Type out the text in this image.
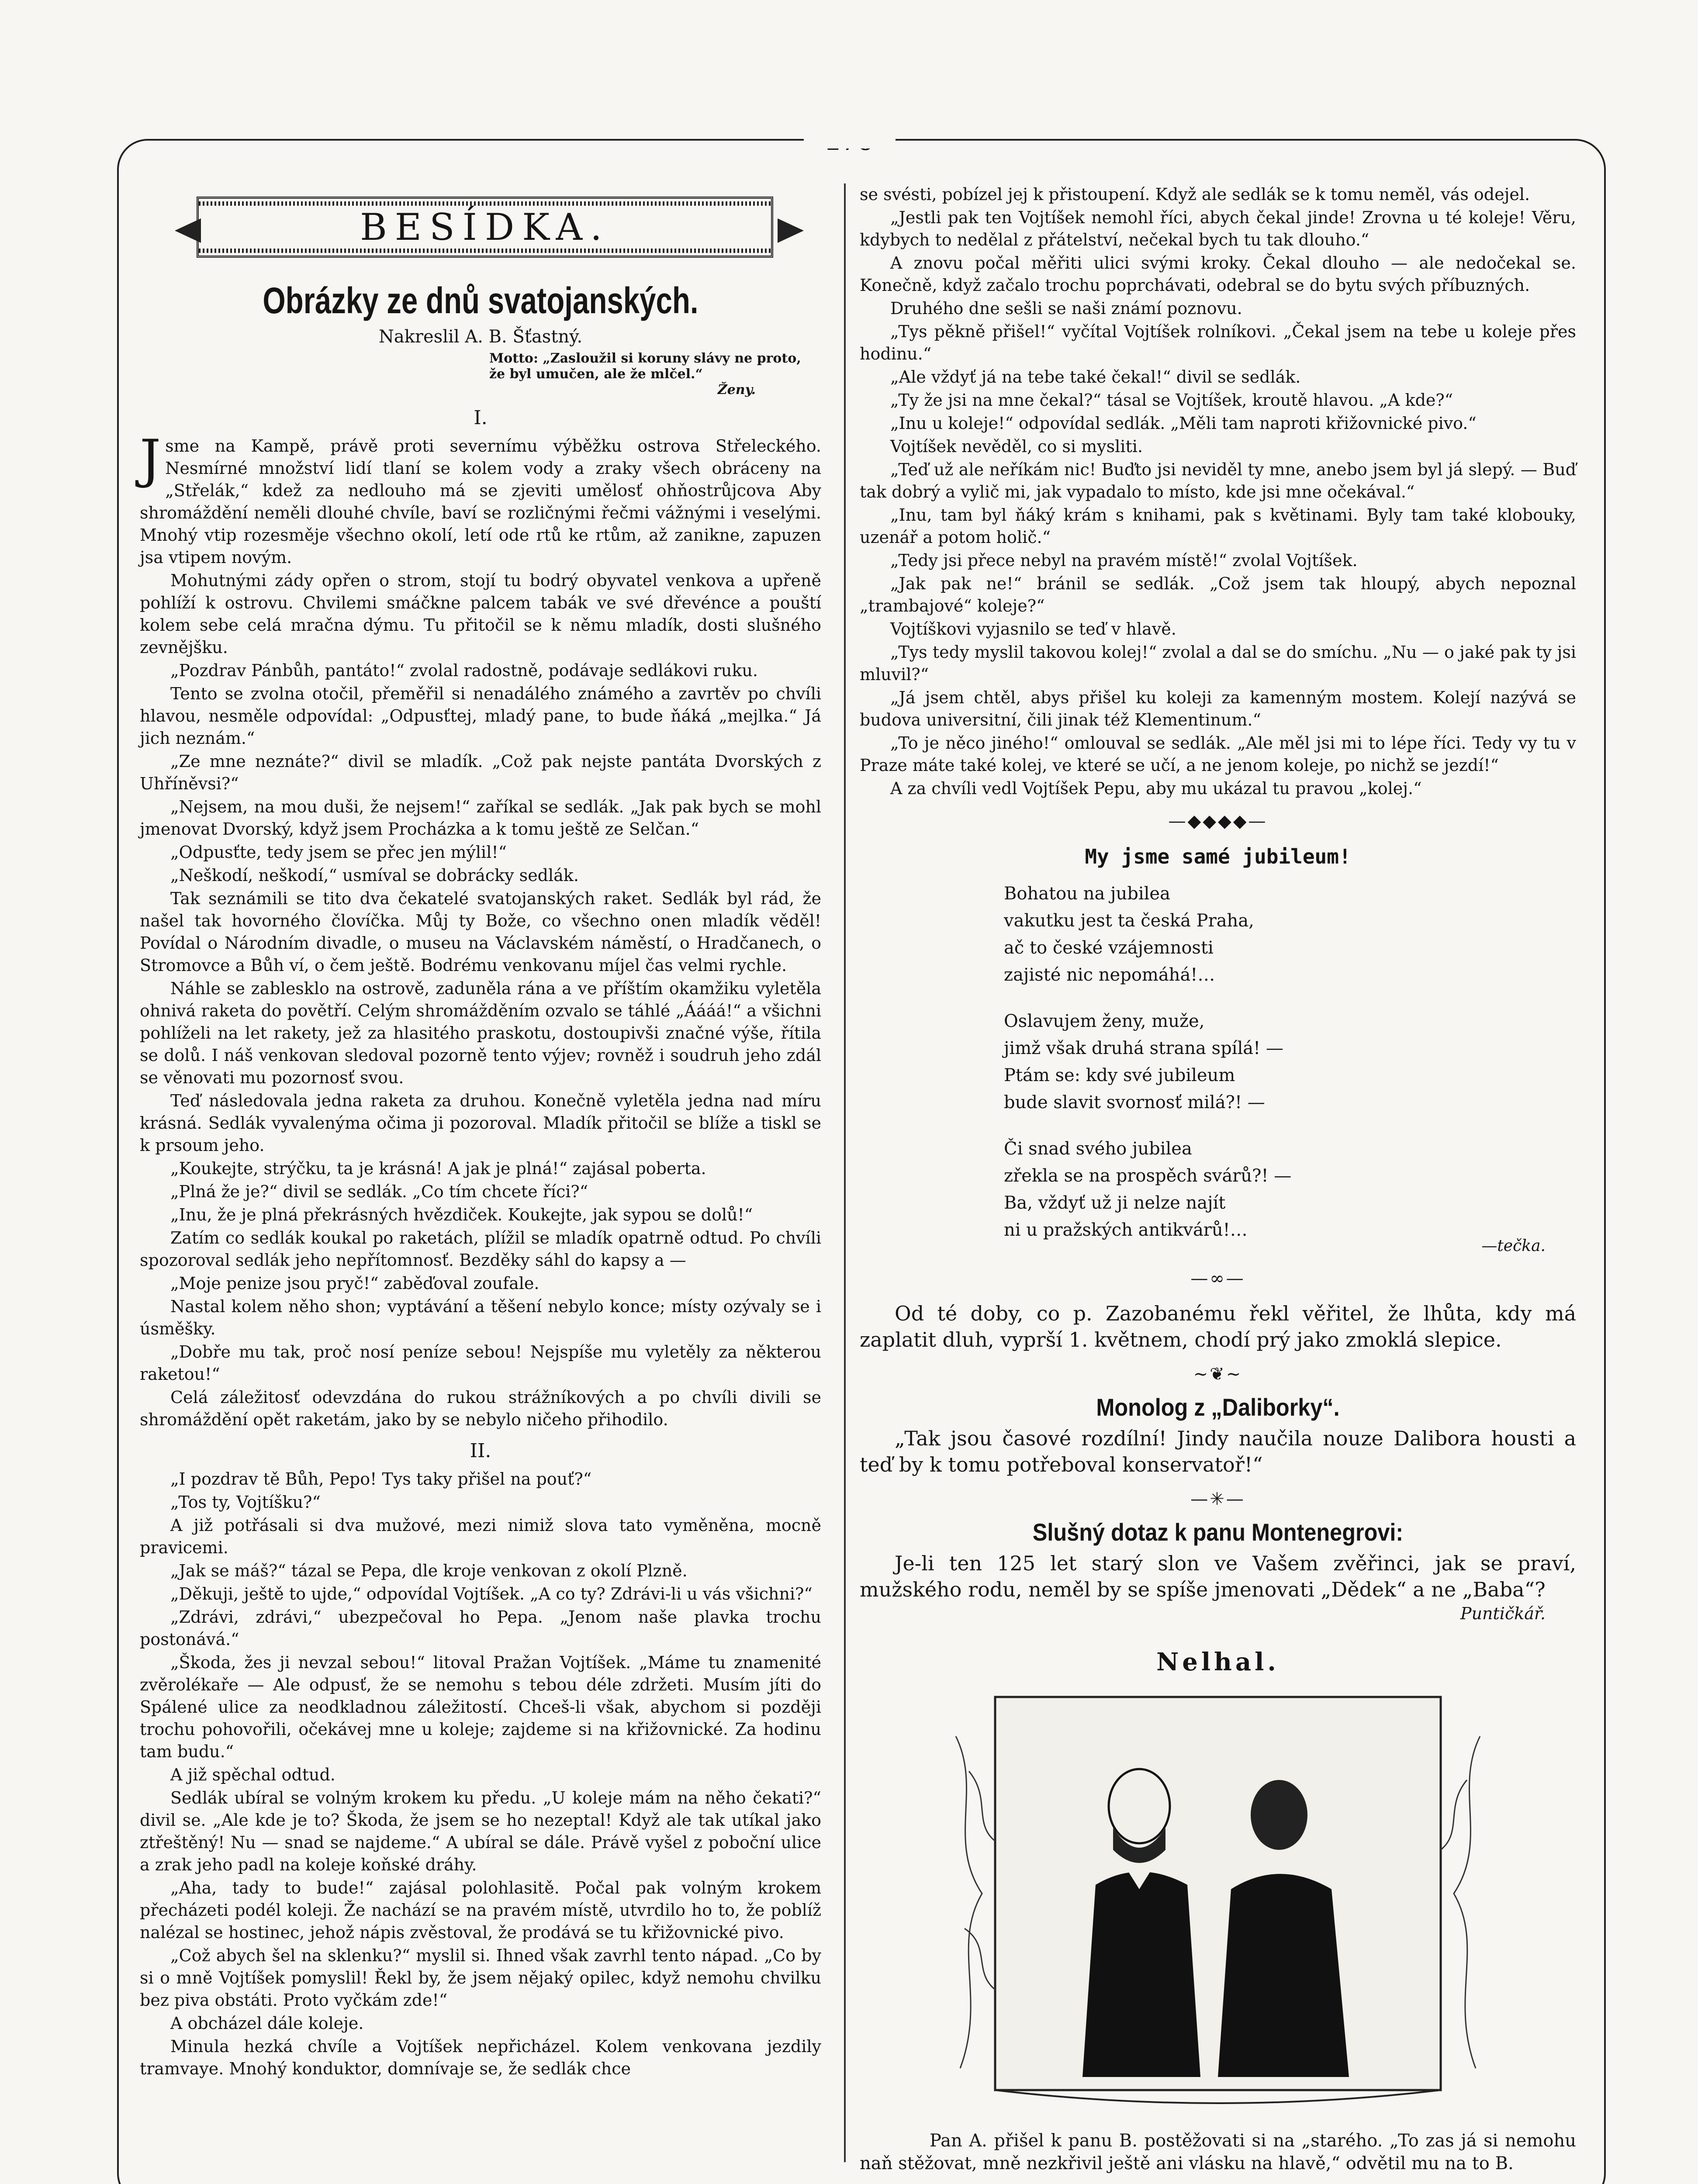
BESÍDKA.
Obrázky ze dnů svatojanských.
Nakreslil A. B. Šťastný.
Motto: „Zasloužil si koruny slávy ne proto, že byl umučen, ale že mlčel.“
Ženy.
I.

Jsme na Kampě, právě proti severnímu výběžku ostrova Střeleckého. Nesmírné množství lidí tlaní se kolem vody a zraky všech obráceny na „Střelák,“ kdež za nedlouho má se zjeviti umělosť ohňostrůjcova Aby shromáždění neměli dlouhé chvíle, baví se rozličnými řečmi vážnými i veselými. Mnohý vtip rozesměje všechno okolí, letí ode rtů ke rtům, až zanikne, zapuzen jsa vtipem novým.

Mohutnými zády opřen o strom, stojí tu bodrý obyvatel venkova a upřeně pohlíží k ostrovu. Chvilemi smáčkne palcem tabák ve své dřevénce a pouští kolem sebe celá mračna dýmu. Tu přitočil se k němu mladík, dosti slušného zevnějšku.

„Pozdrav Pánbůh, pantáto!“ zvolal radostně, podávaje sedlákovi ruku.

Tento se zvolna otočil, přeměřil si nenadálého známého a zavrtěv po chvíli hlavou, nesměle odpovídal: „Odpusťtej, mladý pane, to bude ňáká „mejlka.“ Já jich neznám.“

„Ze mne neznáte?“ divil se mladík. „Což pak nejste pantáta Dvorských z Uhříněvsi?“

„Nejsem, na mou duši, že nejsem!“ zaříkal se sedlák. „Jak pak bych se mohl jmenovat Dvorský, když jsem Procházka a k tomu ještě ze Selčan.“

„Odpusťte, tedy jsem se přec jen mýlil!“

„Neškodí, neškodí,“ usmíval se dobrácky sedlák.

Tak seznámili se tito dva čekatelé svatojanských raket. Sedlák byl rád, že našel tak hovorného človíčka. Můj ty Bože, co všechno onen mladík věděl! Povídal o Národním divadle, o museu na Václavském náměstí, o Hradčanech, o Stromovce a Bůh ví, o čem ještě. Bodrému venkovanu míjel čas velmi rychle.

Náhle se zablesklo na ostrově, zaduněla rána a ve příštím okamžiku vyletěla ohnivá raketa do povětří. Celým shromážděním ozvalo se táhlé „Áááá!“ a všichni pohlíželi na let rakety, jež za hlasitého praskotu, dostoupivši značné výše, řítila se dolů. I náš venkovan sledoval pozorně tento výjev; rovněž i soudruh jeho zdál se věnovati mu pozornosť svou.

Teď následovala jedna raketa za druhou. Konečně vyletěla jedna nad míru krásná. Sedlák vyvalenýma očima ji pozoroval. Mladík přitočil se blíže a tiskl se k prsoum jeho.

„Koukejte, strýčku, ta je krásná! A jak je plná!“ zajásal poberta.

„Plná že je?“ divil se sedlák. „Co tím chcete říci?“

„Inu, že je plná překrásných hvězdiček. Koukejte, jak sypou se dolů!“

Zatím co sedlák koukal po raketách, plížil se mladík opatrně odtud. Po chvíli spozoroval sedlák jeho nepřítomnosť. Bezděky sáhl do kapsy a —

„Moje penize jsou pryč!“ zaběďoval zoufale.

Nastal kolem něho shon; vyptávání a těšení nebylo konce; místy ozývaly se i úsměšky.

„Dobře mu tak, proč nosí peníze sebou! Nejspíše mu vyletěly za některou raketou!“

Celá záležitosť odevzdána do rukou strážníkových a po chvíli divili se shromáždění opět raketám, jako by se nebylo ničeho přihodilo.

II.

„I pozdrav tě Bůh, Pepo! Tys taky přišel na pouť?“

„Tos ty, Vojtíšku?“

A již potřásali si dva mužové, mezi nimiž slova tato vyměněna, mocně pravicemi.

„Jak se máš?“ tázal se Pepa, dle kroje venkovan z okolí Plzně.

„Děkuji, ještě to ujde,“ odpovídal Vojtíšek. „A co ty? Zdrávi-li u vás všichni?“

„Zdrávi, zdrávi,“ ubezpečoval ho Pepa. „Jenom naše plavka trochu postonává.“

„Škoda, žes ji nevzal sebou!“ litoval Pražan Vojtíšek. „Máme tu znamenité zvěrolékaře — Ale odpusť, že se nemohu s tebou déle zdržeti. Musím jíti do Spálené ulice za neodkladnou záležitostí. Chceš-li však, abychom si později trochu pohovořili, očekávej mne u koleje; zajdeme si na křižovnické. Za hodinu tam budu.“

A již spěchal odtud.

Sedlák ubíral se volným krokem ku předu. „U koleje mám na něho čekati?“ divil se. „Ale kde je to? Škoda, že jsem se ho nezeptal! Když ale tak utíkal jako ztřeštěný! Nu — snad se najdeme.“ A ubíral se dále. Právě vyšel z poboční ulice a zrak jeho padl na koleje koňské dráhy.

„Aha, tady to bude!“ zajásal polohlasitě. Počal pak volným krokem přecházeti podél koleji. Že nachází se na pravém místě, utvrdilo ho to, že poblíž nalézal se hostinec, jehož nápis zvěstoval, že prodává se tu křižovnické pivo.

„Což abych šel na sklenku?“ myslil si. Ihned však zavrhl tento nápad. „Co by si o mně Vojtíšek pomyslil! Řekl by, že jsem nějaký opilec, když nemohu chvilku bez piva obstáti. Proto vyčkám zde!“

A obcházel dále koleje.

Minula hezká chvíle a Vojtíšek nepřicházel. Kolem venkovana jezdily tramvaye. Mnohý konduktor, domnívaje se, že sedlák chce

se svésti, pobízel jej k přistoupení. Když ale sedlák se k tomu neměl, vás odejel.

„Jestli pak ten Vojtíšek nemohl říci, abych čekal jinde! Zrovna u té koleje! Věru, kdybych to nedělal z přátelství, nečekal bych tu tak dlouho.“

A znovu počal měřiti ulici svými kroky. Čekal dlouho — ale nedočekal se. Konečně, když začalo trochu poprchávati, odebral se do bytu svých příbuzných.

Druhého dne sešli se naši známí poznovu.

„Tys pěkně přišel!“ vyčítal Vojtíšek rolníkovi. „Čekal jsem na tebe u koleje přes hodinu.“

„Ale vždyť já na tebe také čekal!“ divil se sedlák.

„Ty že jsi na mne čekal?“ tásal se Vojtíšek, kroutě hlavou. „A kde?“

„Inu u koleje!“ odpovídal sedlák. „Měli tam naproti křižovnické pivo.“

Vojtíšek nevěděl, co si mysliti.

„Teď už ale neříkám nic! Buďto jsi neviděl ty mne, anebo jsem byl já slepý. — Buď tak dobrý a vylič mi, jak vypadalo to místo, kde jsi mne očekával.“

„Inu, tam byl ňáký krám s knihami, pak s květinami. Byly tam také klobouky, uzenář a potom holič.“

„Tedy jsi přece nebyl na pravém místě!“ zvolal Vojtíšek.

„Jak pak ne!“ bránil se sedlák. „Což jsem tak hloupý, abych nepoznal „trambajové“ koleje?“

Vojtíškovi vyjasnilo se teď v hlavě.

„Tys tedy myslil takovou kolej!“ zvolal a dal se do smíchu. „Nu — o jaké pak ty jsi mluvil?“

„Já jsem chtěl, abys přišel ku koleji za kamenným mostem. Kolejí nazývá se budova universitní, čili jinak též Klementinum.“

„To je něco jiného!“ omlouval se sedlák. „Ale měl jsi mi to lépe říci. Tedy vy tu v Praze máte také kolej, ve které se učí, a ne jenom koleje, po nichž se jezdí!“

A za chvíli vedl Vojtíšek Pepu, aby mu ukázal tu pravou „kolej.“

—◆◆◆◆—
My jsme samé jubileum!
Bohatou na jubilea
vakutku jest ta česká Praha,
ač to české vzájemnosti
zajisté nic nepomáhá!…
Oslavujem ženy, muže,
jimž však druhá strana spílá! —
Ptám se: kdy své jubileum
bude slavit svornosť milá?! —
Či snad svého jubilea
zřekla se na prospěch svárů?! —
Ba, vždyť už ji nelze najít
ni u pražských antikvárů!…
—tečka.
—∞—
Od té doby, co p. Zazobanému řekl věřitel, že lhůta, kdy má zaplatit dluh, vyprší 1. květnem, chodí prý jako zmoklá slepice.
~❦~
Monolog z „Daliborky“.
„Tak jsou časové rozdílní! Jindy naučila nouze Dalibora housti a teď by k tomu potřeboval konservatoř!“
—✳—
Slušný dotaz k panu Montenegrovi:
Je-li ten 125 let starý slon ve Vašem zvěřinci, jak se praví, mužského rodu, neměl by se spíše jmenovati „Dědek“ a ne „Baba“?
Puntičkář.
Nelhal.
Pan A. přišel k panu B. postěžovati si na „starého. „To zas já si nemohu naň stěžovat, mně nezkřivil ještě ani vlásku na hlavě,“ odvětil mu na to B.
